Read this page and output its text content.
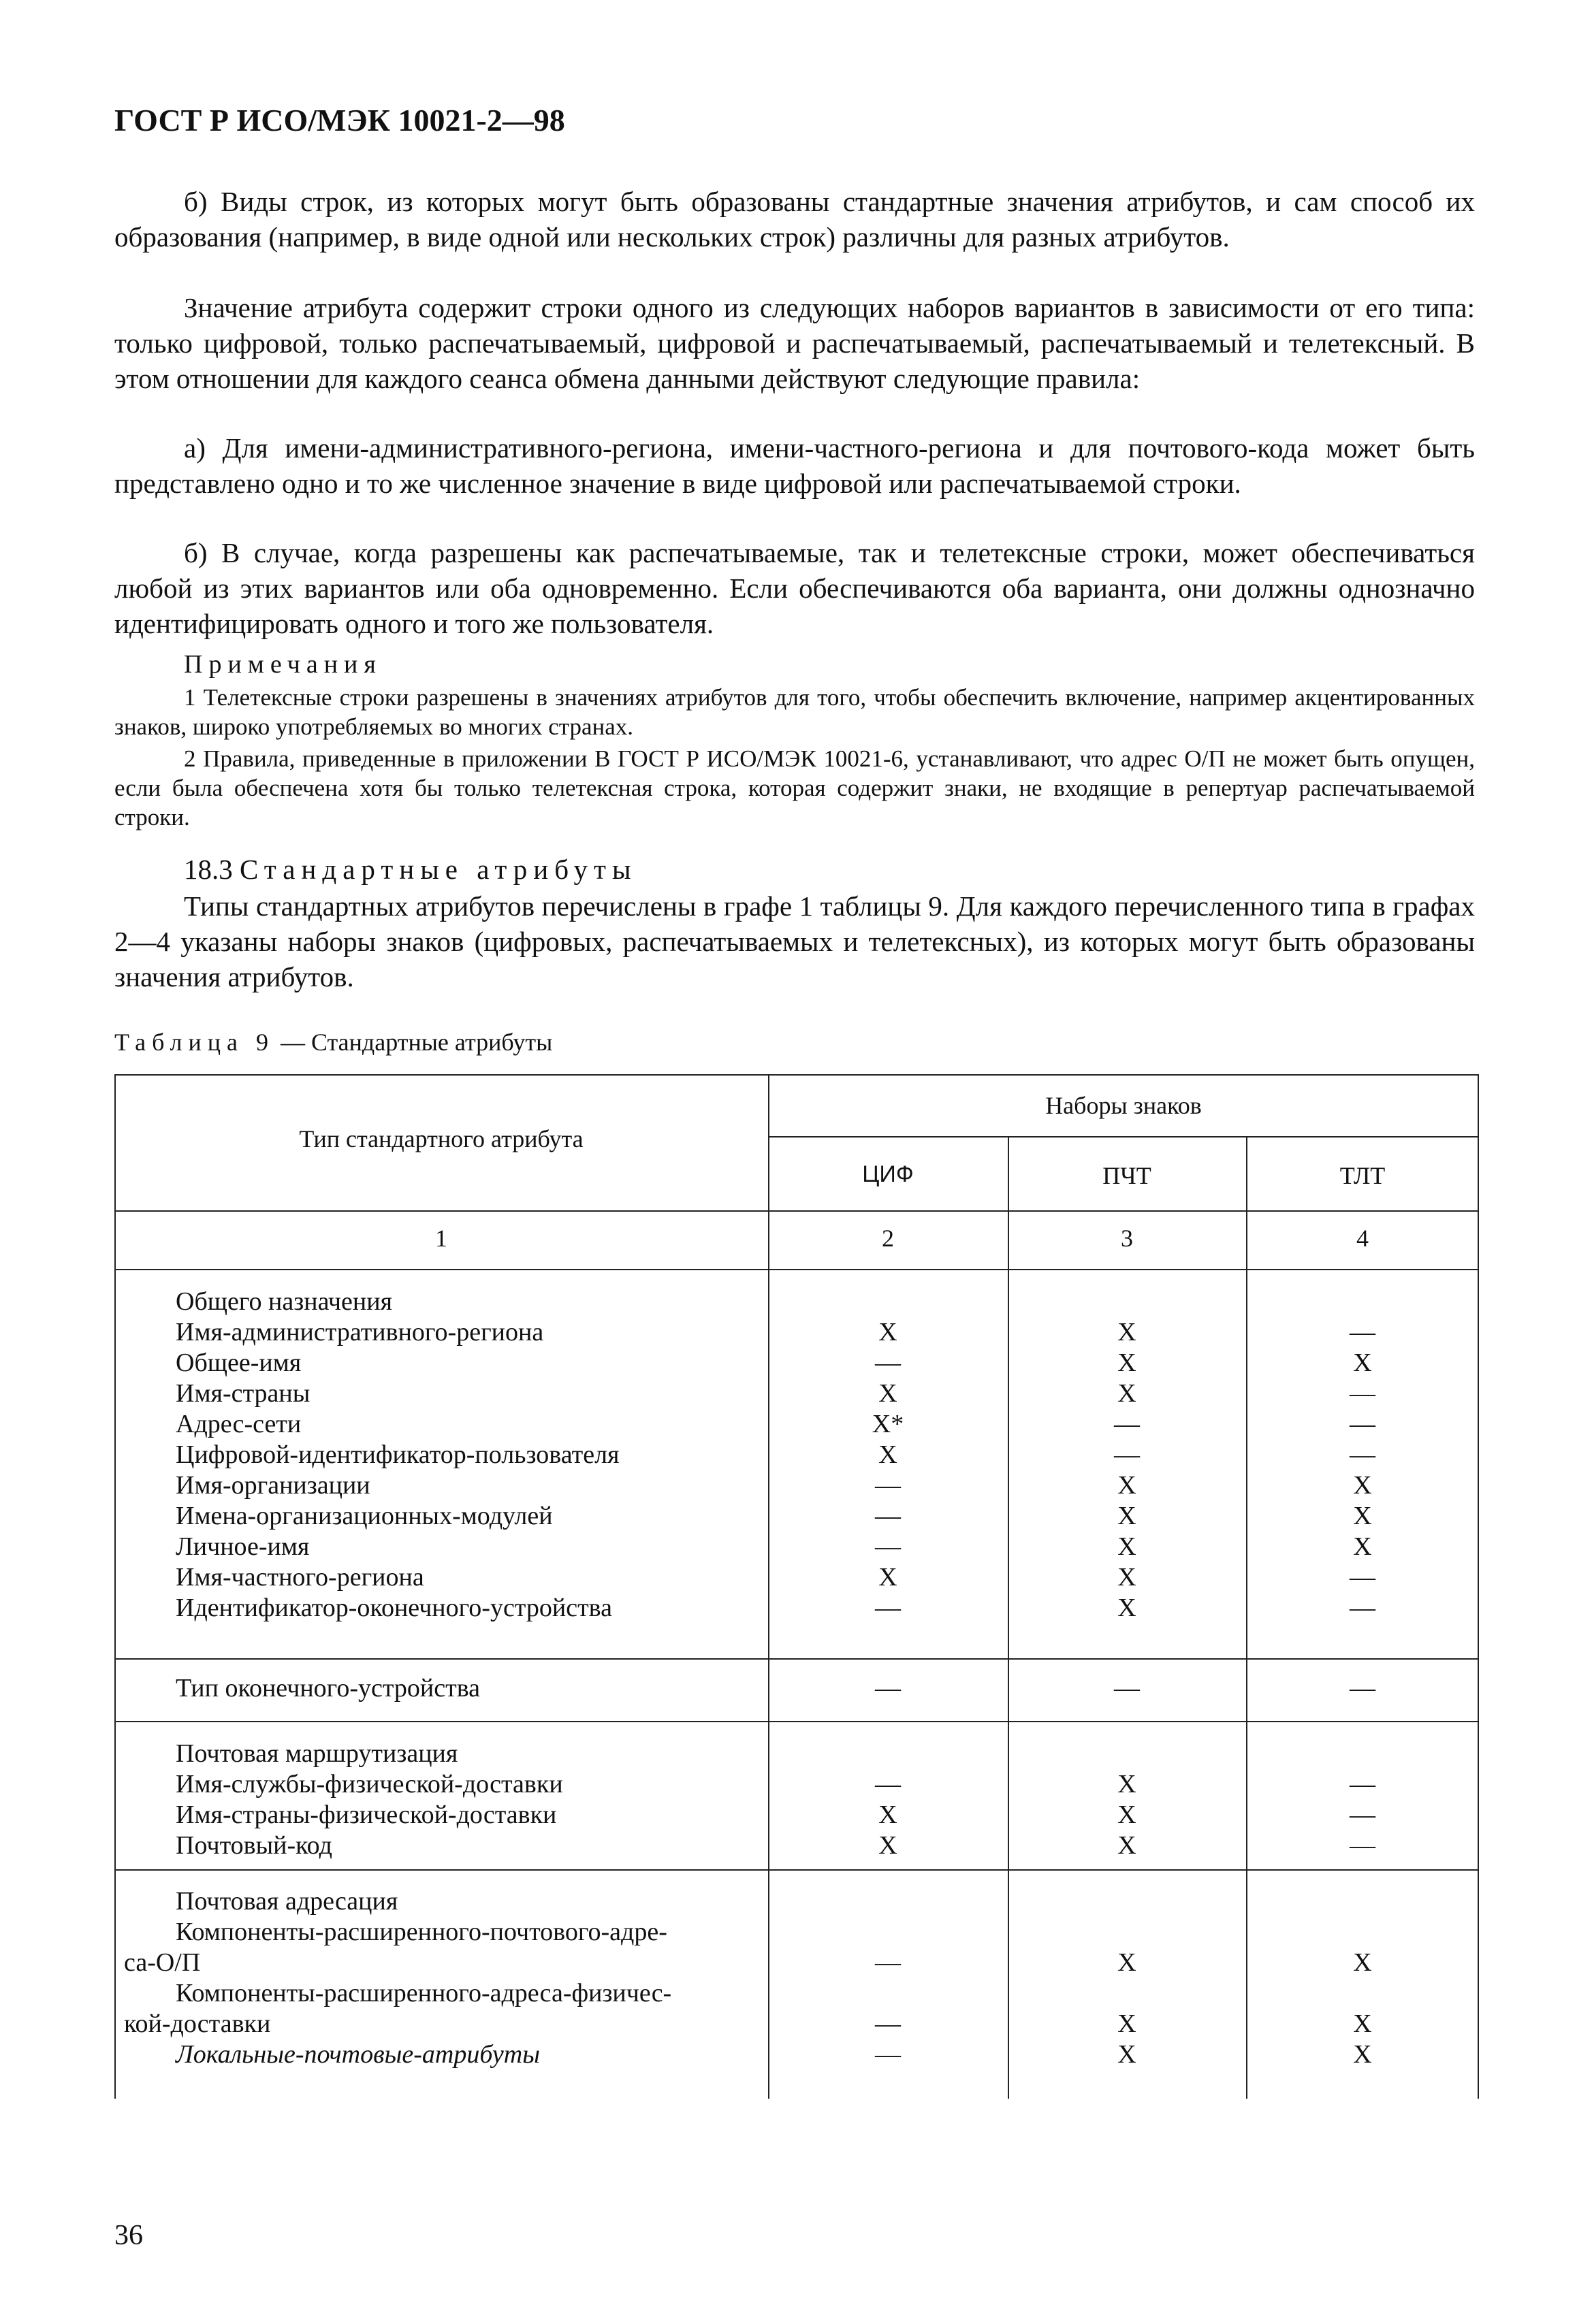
ГОСТ Р ИСО/МЭК 10021-2—98

б) Виды строк, из которых могут быть образованы стандартные значения атрибутов, и сам способ их образования (например, в виде одной или нескольких строк) различны для разных атрибутов.

Значение атрибута содержит строки одного из следующих наборов вариантов в зависимости от его типа: только цифровой, только распечатываемый, цифровой и распечатываемый, распечатываемый и телетексный. В этом отношении для каждого сеанса обмена данными действуют следующие правила:

а) Для имени-административного-региона, имени-частного-региона и для почтового-кода может быть представлено одно и то же численное значение в виде цифровой или распечатываемой строки.

б) В случае, когда разрешены как распечатываемые, так и телетексные строки, может обеспечиваться любой из этих вариантов или оба одновременно. Если обеспечиваются оба варианта, они должны однозначно идентифицировать одного и того же пользователя.

Примечания

1 Телетексные строки разрешены в значениях атрибутов для того, чтобы обеспечить включение, например акцентированных знаков, широко употребляемых во многих странах.

2 Правила, приведенные в приложении В ГОСТ Р ИСО/МЭК 10021-6, устанавливают, что адрес О/П не может быть опущен, если была обеспечена хотя бы только телетексная строка, которая содержит знаки, не входящие в репертуар распечатываемой строки.

18.3 Стандартные атрибуты

Типы стандартных атрибутов перечислены в графе 1 таблицы 9. Для каждого перечисленного типа в графах 2—4 указаны наборы знаков (цифровых, распечатываемых и телетексных), из которых могут быть образованы значения атрибутов.

Таблица 9 — Стандартные атрибуты
Тип стандартного атрибута
Наборы знаков
ЦИФ	ПЧТ	ТЛТ
1	2	3	4
Общего назначения
Имя-административного-региона	X	X	—
Общее-имя	—	X	X
Имя-страны	X	X	—
Адрес-сети	X*	—	—
Цифровой-идентификатор-пользователя	X	—	—
Имя-организации	—	X	X
Имена-организационных-модулей	—	X	X
Личное-имя	—	X	X
Имя-частного-региона	X	X	—
Идентификатор-оконечного-устройства	—	X	—
Тип оконечного-устройства	—	—	—
Почтовая маршрутизация
Имя-службы-физической-доставки	—	X	—
Имя-страны-физической-доставки	X	X	—
Почтовый-код	X	X	—
Почтовая адресация
Компоненты-расширенного-почтового-адре-
са-О/П	—	X	X
Компоненты-расширенного-адреса-физичес-
кой-доставки	—	X	X
Локальные-почтовые-атрибуты	—	X	X
36
